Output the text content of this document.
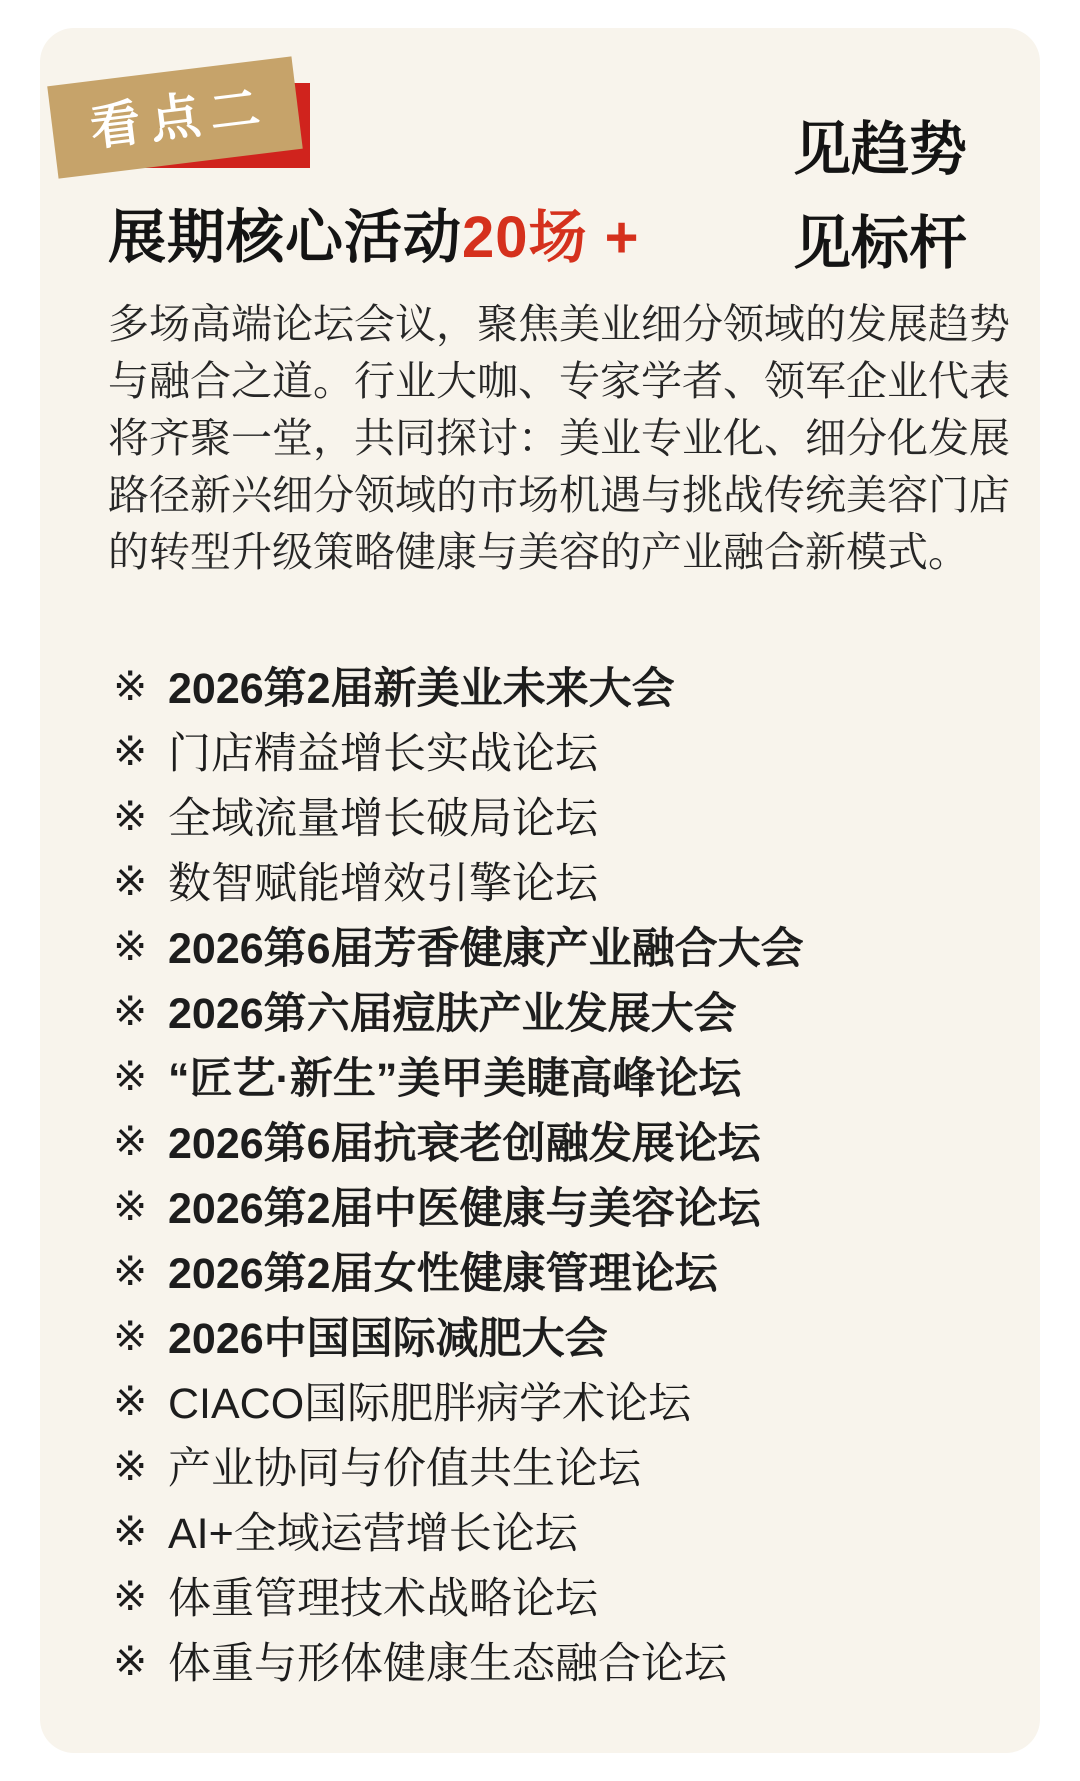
看点二	见趋势
见标杆
展期核心活动20场 +
多场高端论坛会议，聚焦美业细分领域的发展趋势
与融合之道。行业大咖、专家学者、领军企业代表
将齐聚一堂，共同探讨：美业专业化、细分化发展
路径新兴细分领域的市场机遇与挑战传统美容门店
的转型升级策略健康与美容的产业融合新模式。
※ 2026第2届新美业未来大会
※ 门店精益增长实战论坛
※ 全域流量增长破局论坛
※ 数智赋能增效引擎论坛
※ 2026第6届芳香健康产业融合大会
※ 2026第六届痘肤产业发展大会
※ “匠艺·新生”美甲美睫高峰论坛
※ 2026第6届抗衰老创融发展论坛
※ 2026第2届中医健康与美容论坛
※ 2026第2届女性健康管理论坛
※ 2026中国国际减肥大会
※ CIACO国际肥胖病学术论坛
※ 产业协同与价值共生论坛
※ AI+全域运营增长论坛
※ 体重管理技术战略论坛
※ 体重与形体健康生态融合论坛
